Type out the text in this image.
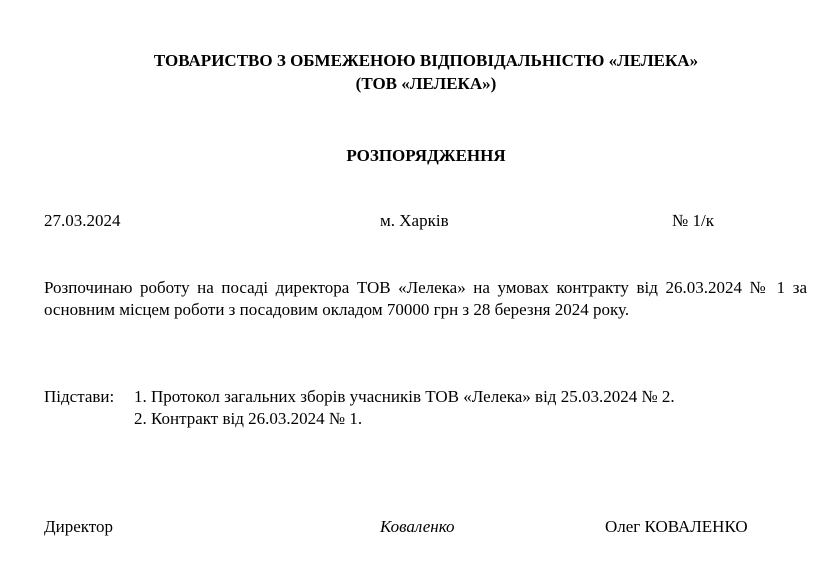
ТОВАРИСТВО З ОБМЕЖЕНОЮ ВІДПОВІДАЛЬНІСТЮ «ЛЕЛЕКА»
(ТОВ «ЛЕЛЕКА»)
РОЗПОРЯДЖЕННЯ
27.03.2024	м. Харків	№ 1/к
Розпочинаю роботу на посаді директора ТОВ «Лелека» на умовах контракту від 26.03.2024 № 1 за основним місцем роботи з посадовим окладом 70000 грн з 28 березня 2024 року.
Підстави: 1. Протокол загальних зборів учасників ТОВ «Лелека» від 25.03.2024 № 2.
2. Контракт від 26.03.2024 № 1.
Директор	Коваленко	Олег КОВАЛЕНКО
